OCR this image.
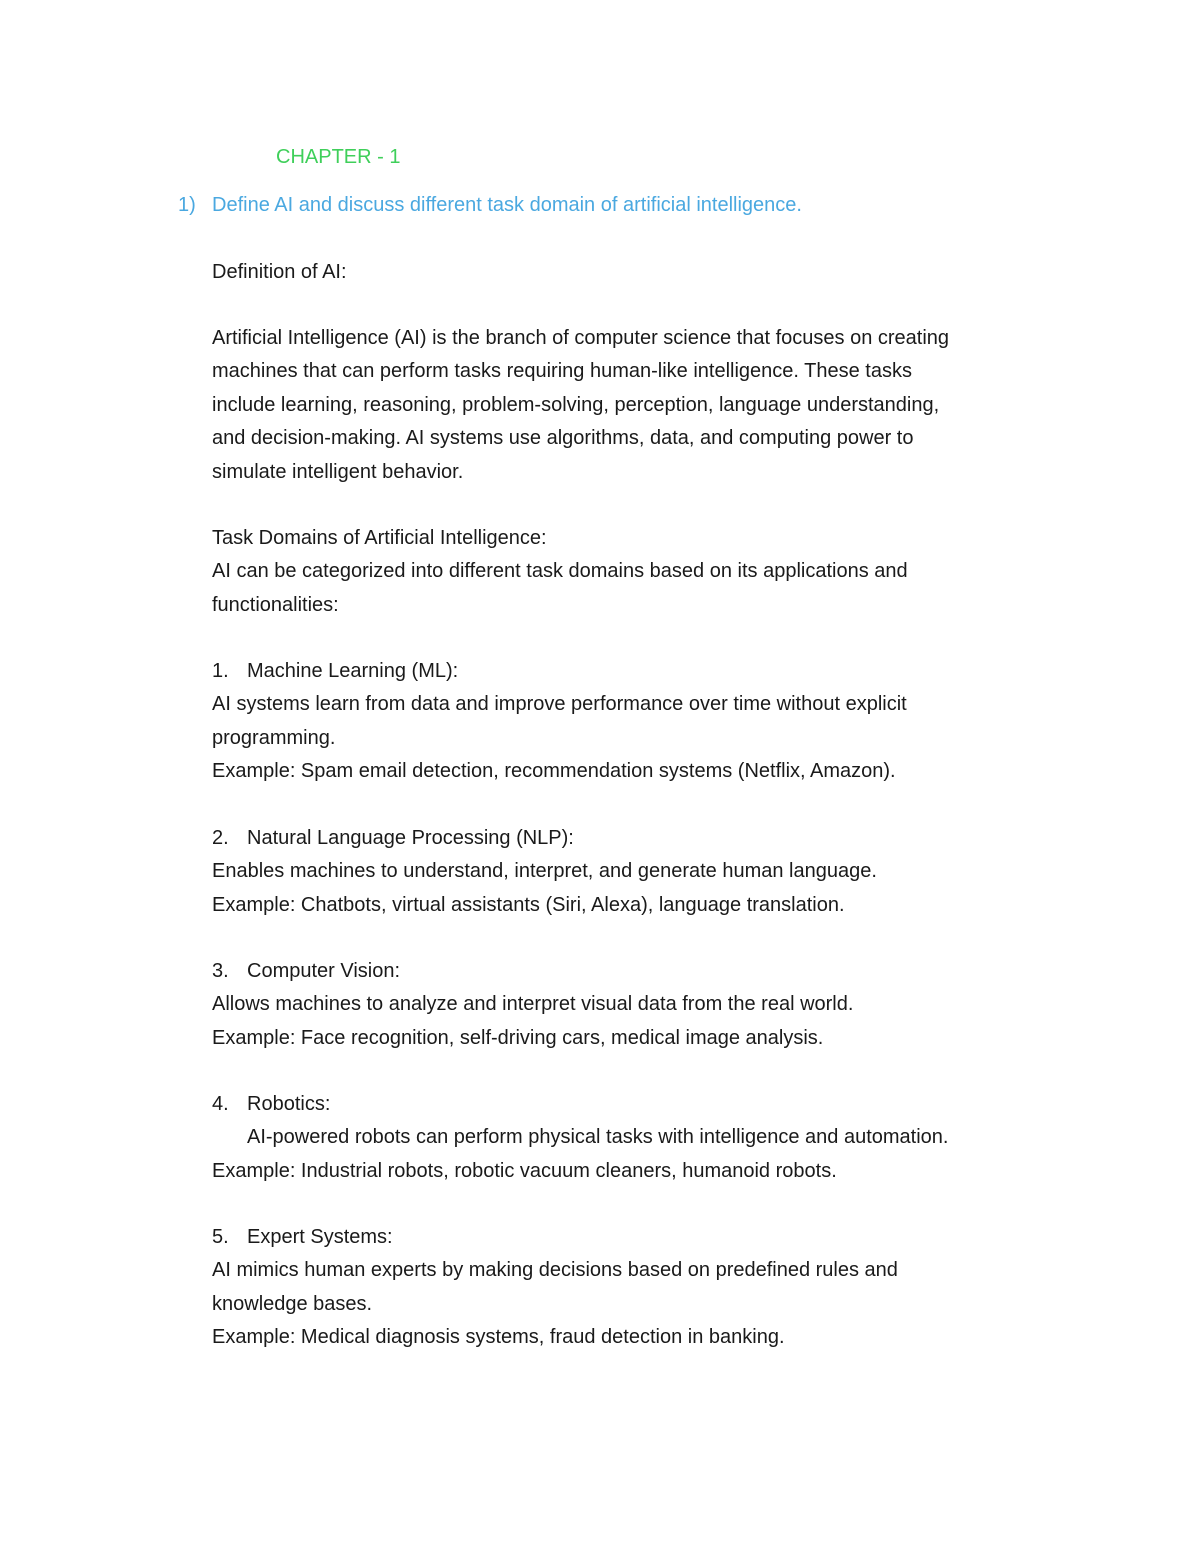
CHAPTER - 1
1) Define AI and discuss different task domain of artificial intelligence.
Definition of AI:
Artificial Intelligence (AI) is the branch of computer science that focuses on creating
machines that can perform tasks requiring human-like intelligence. These tasks
include learning, reasoning, problem-solving, perception, language understanding,
and decision-making. AI systems use algorithms, data, and computing power to
simulate intelligent behavior.
Task Domains of Artificial Intelligence:
AI can be categorized into different task domains based on its applications and
functionalities:
1. Machine Learning (ML):
AI systems learn from data and improve performance over time without explicit
programming.
Example: Spam email detection, recommendation systems (Netflix, Amazon).
2. Natural Language Processing (NLP):
Enables machines to understand, interpret, and generate human language.
Example: Chatbots, virtual assistants (Siri, Alexa), language translation.
3. Computer Vision:
Allows machines to analyze and interpret visual data from the real world.
Example: Face recognition, self-driving cars, medical image analysis.
4. Robotics:
AI-powered robots can perform physical tasks with intelligence and automation.
Example: Industrial robots, robotic vacuum cleaners, humanoid robots.
5. Expert Systems:
AI mimics human experts by making decisions based on predefined rules and
knowledge bases.
Example: Medical diagnosis systems, fraud detection in banking.
